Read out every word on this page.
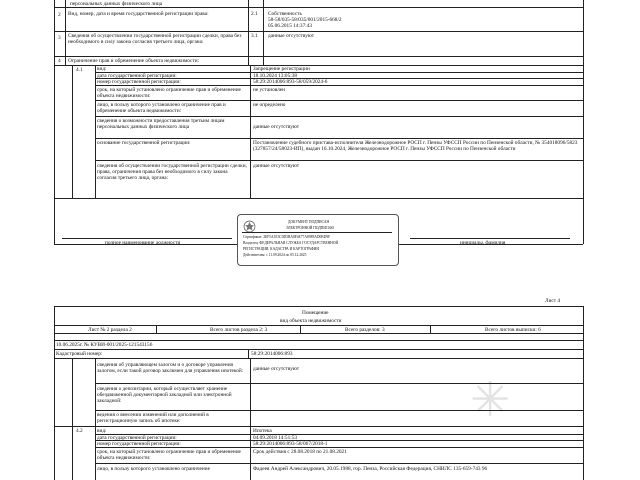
✳
персональных данных физического лица
2 Вид, номер, дата и время государственной регистрации права:	2.1 Собственность
58-58/035-58/035/001/2015-668/2
05.06.2015 14:37:43
3 Сведения об осуществлении государственной регистрации сделки, права без необходимого в силу закона согласия третьего лица, органа:
3.1 данные отсутствуют
4 Ограничение прав и обременение объекта недвижимости:
4.1	вид:	Запрещение регистрации
дата государственной регистрации:	18.10.2024 13:05:38
номер государственной регистрации:	58:29:2014006:893-58/059/2024-6
срок, на который установлено ограничение прав и обременение объекта недвижимости:
не установлен
лицо, в пользу которого установлено ограничение прав и обременение объекта недвижимости:
не определено
сведения о возможности предоставления третьим лицам персональных данных физического лица	данные отсутствуют
основание государственной регистрации:	Постановление судебного пристава-исполнителя Железнодорожное РОСП г. Пензы УФССП России по Пензенской области, № 354018096/5823 (327857/24/58023-ИП), выдан 16.10.2024, Железнодорожное РОСП г. Пензы УФССП России по Пензенской области
сведения об осуществлении государственной регистрации сделки, права, ограничения права без необходимого в силу закона согласия третьего лица, органа:
данные отсутствуют
полное наименование должности	инициалы, фамилия
ДОКУМЕНТ ПОДПИСАН
ЭЛЕКТРОННОЙ ПОДПИСЬЮ
Сертификат: 2EF5A1E3C0D3BA8F4E77A89F8AD0BD9F
Владелец: ФЕДЕРАЛЬНАЯ СЛУЖБА ГОСУДАРСТВЕННОЙ
РЕГИСТРАЦИИ, КАДАСТРА И КАРТОГРАФИИ
Действителен: с 11.09.2024 по 05.12.2025
Лист 4
Помещение
вид объекта недвижимости
Лист № 2 раздела 2	Всего листов раздела 2: 3	Всего разделов: 3	Всего листов выписки: 6
10.06.2025г. № КУВИ-001/2025-121543156
Кадастровый номер:	58:29:2014006:893
сведения об управляющем залогом и о договоре управления залогом, если такой договор заключен для управления ипотекой:	данные отсутствуют
сведения о депозитарии, который осуществляет хранение обездвиженной документарной закладной или электронной закладной:
ведения о внесении изменений или дополнений в регистрационную запись об ипотеке:
4.2	вид:	Ипотека
дата государственной регистрации:	04.09.2018 14:51:53
номер государственной регистрации:	58:29:2014006:893-58/067/2018-1
срок, на который установлено ограничение прав и обременение объекта недвижимости:
Срок действия с 28.08.2018 по 21.08.2021
лицо, в пользу которого установлено ограничение	Фадеев Андрей Александрович, 20.05.1988, гор. Пенза, Российская Федерация, СНИЛС 135-659-743 96
